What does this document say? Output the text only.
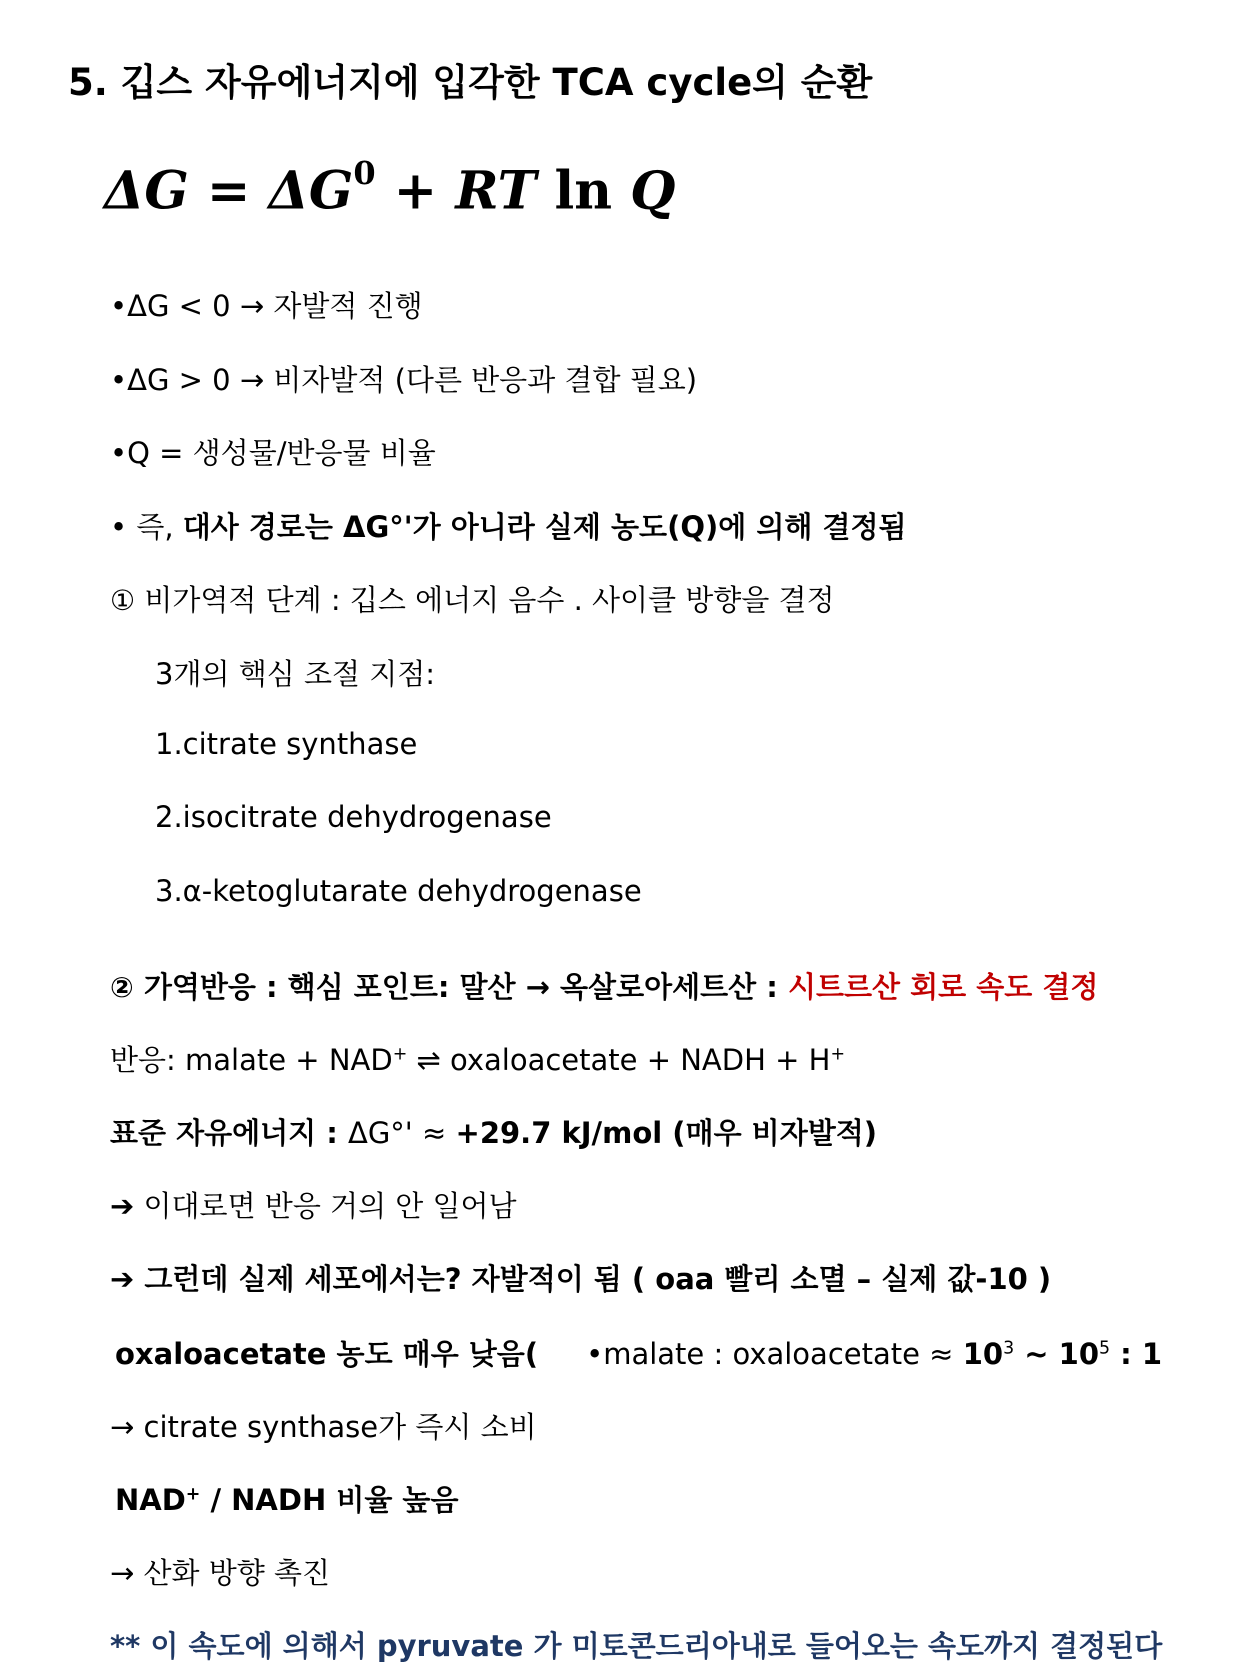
5. 깁스 자유에너지에 입각한 TCA cycle의 순환
$\Delta G = \Delta G^0$ + RT ln Q
•ΔG < 0 → 자발적 진행
•ΔG > 0 → 비자발적 (다른 반응과 결합 필요)
•Q = 생성물/반응물 비율
• 즉, 대사 경로는 ΔG°'가 아니라 실제 농도(Q)에 의해 결정됨
① 비가역적 단계 : 깁스 에너지 음수 . 사이클 방향을 결정
3개의 핵심 조절 지점:
1.citrate synthase
2.isocitrate dehydrogenase
3.α-ketoglutarate dehydrogenase
② 가역반응 : 핵심 포인트: 말산 → 옥살로아세트산 : 시트르산 회로 속도 결정
반응: malate + NAD+ ⇌ oxaloacetate + NADH + H+
표준 자유에너지 : ΔG°' ≈ +29.7 kJ/mol (매우 비자발적)
➔ 이대로면 반응 거의 안 일어남
➔ 그런데 실제 세포에서는? 자발적이 됨 ( oaa 빨리 소멸 – 실제 값-10 )
oxaloacetate 농도 매우 낮음( •malate : oxaloacetate ≈ $10^3$ ~ $10^5$ : 1
→ citrate synthase가 즉시 소비
NAD+ / NADH 비율 높음
→ 산화 방향 촉진
** 이 속도에 의해서 pyruvate 가 미토콘드리아내로 들어오는 속도까지 결정된다
